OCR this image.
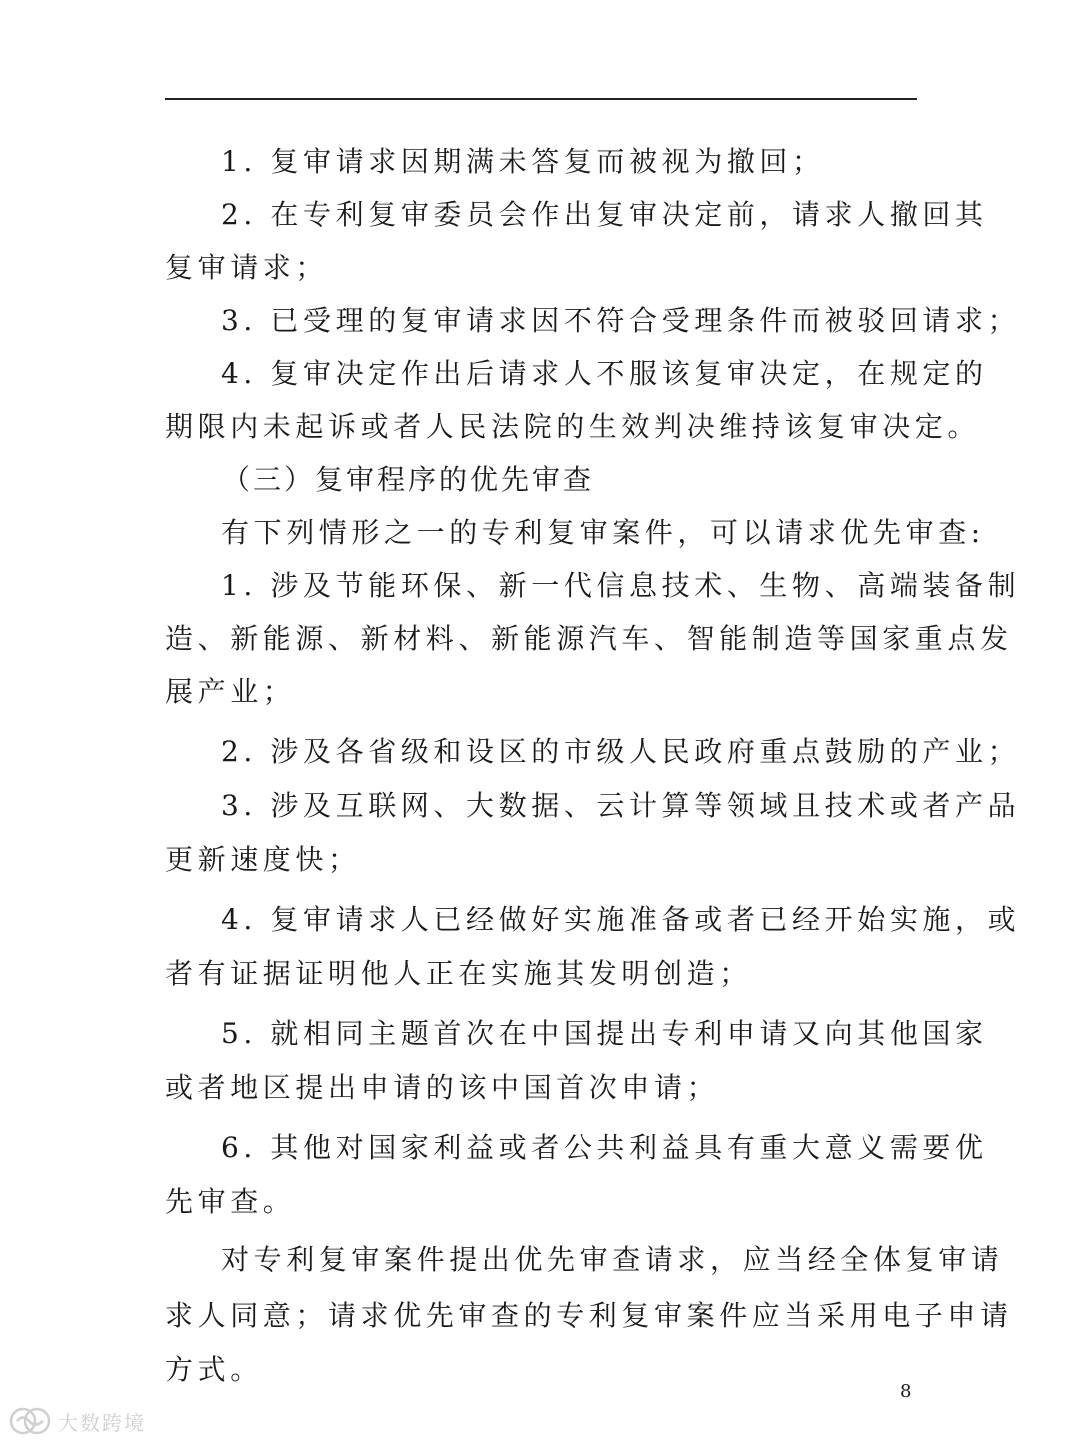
1. 复审请求因期满未答复而被视为撤回；
2. 在专利复审委员会作出复审决定前，请求人撤回其
复审请求；
3. 已受理的复审请求因不符合受理条件而被驳回请求；
4. 复审决定作出后请求人不服该复审决定，在规定的
期限内未起诉或者人民法院的生效判决维持该复审决定。
（三）复审程序的优先审查
有下列情形之一的专利复审案件，可以请求优先审查:
1. 涉及节能环保、新一代信息技术、生物、高端装备制
造、新能源、新材料、新能源汽车、智能制造等国家重点发
展产业；
2. 涉及各省级和设区的市级人民政府重点鼓励的产业；
3. 涉及互联网、大数据、云计算等领域且技术或者产品
更新速度快；
4. 复审请求人已经做好实施准备或者已经开始实施，或
者有证据证明他人正在实施其发明创造；
5. 就相同主题首次在中国提出专利申请又向其他国家
或者地区提出申请的该中国首次申请；
6. 其他对国家利益或者公共利益具有重大意义需要优
先审查。
对专利复审案件提出优先审查请求，应当经全体复审请
求人同意；请求优先审查的专利复审案件应当采用电子申请
方式。
8
大数跨境
